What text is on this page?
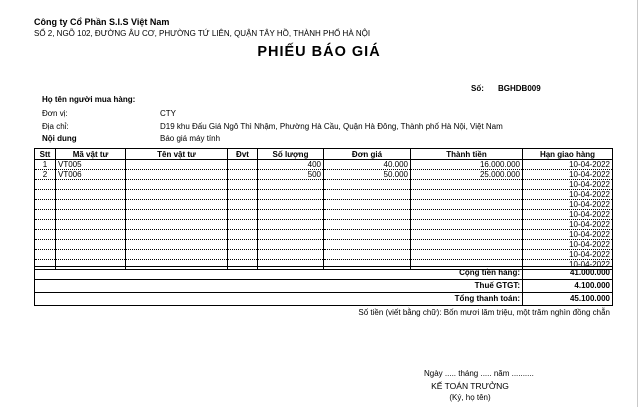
Công ty Cổ Phần S.I.S Việt Nam
SỐ 2, NGÕ 102, ĐƯỜNG ÂU CƠ, PHƯỜNG TỨ LIÊN, QUẬN TÂY HỒ, THÀNH PHỐ HÀ NỘI
PHIẾU BÁO GIÁ
Số: BGHDB009
Họ tên người mua hàng:
Đơn vị:	CTY
Địa chỉ:	D19 khu Đấu Giá Ngô Thì Nhậm, Phường Hà Cầu, Quận Hà Đông, Thành phố Hà Nội, Việt Nam
Nội dung	Báo giá máy tính
Stt	Mã vật tư	Tên vật tư	Đvt	Số lượng	Đơn giá	Thành tiền	Hạn giao hàng
1	VT005			400	40.000	16.000.000	10-04-2022
2	VT006			500	50.000	25.000.000	10-04-2022
							10-04-2022
							10-04-2022
							10-04-2022
							10-04-2022
							10-04-2022
							10-04-2022
							10-04-2022
							10-04-2022
							10-04-2022
Cộng tiền hàng:	41.000.000
Thuế GTGT:	4.100.000
Tổng thanh toán:	45.100.000
Số tiền (viết bằng chữ): Bốn mươi lăm triệu, một trăm nghìn đồng chẵn
Ngày ..... tháng ..... năm ..........
KẾ TOÁN TRƯỞNG
(Ký, họ tên)
